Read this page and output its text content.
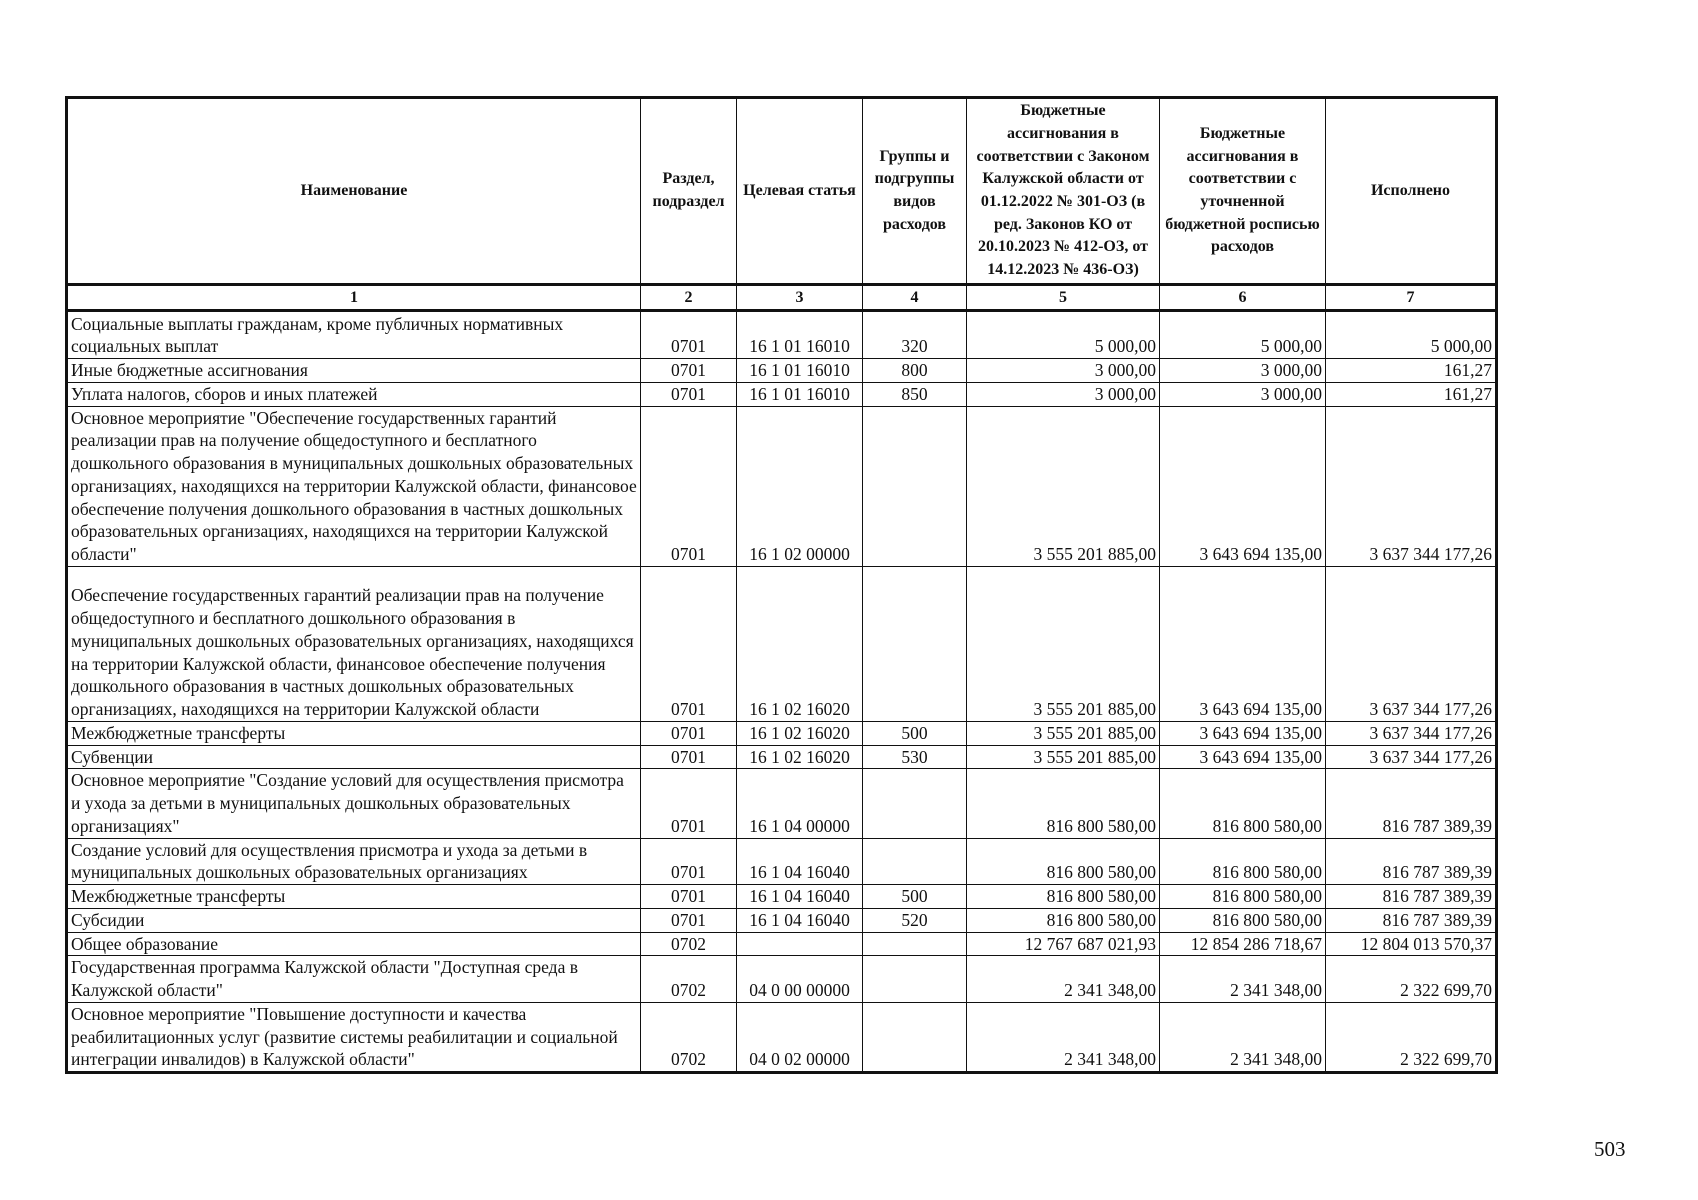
Наименование	Раздел, подраздел	Целевая статья	Группы и подгруппы видов расходов	Бюджетные ассигнования в соответствии с Законом Калужской области от 01.12.2022 № 301-ОЗ (в ред. Законов КО от 20.10.2023 № 412-ОЗ, от 14.12.2023 № 436-ОЗ)	Бюджетные ассигнования в соответствии с уточненной бюджетной росписью расходов	Исполнено
1	2	3	4	5	6	7
Социальные выплаты гражданам, кроме публичных нормативных социальных выплат	0701	16 1 01 16010	320	5 000,00	5 000,00	5 000,00
Иные бюджетные ассигнования	0701	16 1 01 16010	800	3 000,00	3 000,00	161,27
Уплата налогов, сборов и иных платежей	0701	16 1 01 16010	850	3 000,00	3 000,00	161,27
Основное мероприятие "Обеспечение государственных гарантий реализации прав на получение общедоступного и бесплатного дошкольного образования в муниципальных дошкольных образовательных организациях, находящихся на территории Калужской области, финансовое обеспечение получения дошкольного образования в частных дошкольных образовательных организациях, находящихся на территории Калужской области"	0701	16 1 02 00000		3 555 201 885,00	3 643 694 135,00	3 637 344 177,26
Обеспечение государственных гарантий реализации прав на получение общедоступного и бесплатного дошкольного образования в муниципальных дошкольных образовательных организациях, находящихся на территории Калужской области, финансовое обеспечение получения дошкольного образования в частных дошкольных образовательных организациях, находящихся на территории Калужской области	0701	16 1 02 16020		3 555 201 885,00	3 643 694 135,00	3 637 344 177,26
Межбюджетные трансферты	0701	16 1 02 16020	500	3 555 201 885,00	3 643 694 135,00	3 637 344 177,26
Субвенции	0701	16 1 02 16020	530	3 555 201 885,00	3 643 694 135,00	3 637 344 177,26
Основное мероприятие "Создание условий для осуществления присмотра и ухода за детьми в муниципальных дошкольных образовательных организациях"	0701	16 1 04 00000		816 800 580,00	816 800 580,00	816 787 389,39
Создание условий для осуществления присмотра и ухода за детьми в муниципальных дошкольных образовательных организациях	0701	16 1 04 16040		816 800 580,00	816 800 580,00	816 787 389,39
Межбюджетные трансферты	0701	16 1 04 16040	500	816 800 580,00	816 800 580,00	816 787 389,39
Субсидии	0701	16 1 04 16040	520	816 800 580,00	816 800 580,00	816 787 389,39
Общее образование	0702			12 767 687 021,93	12 854 286 718,67	12 804 013 570,37
Государственная программа Калужской области "Доступная среда в Калужской области"	0702	04 0 00 00000		2 341 348,00	2 341 348,00	2 322 699,70
Основное мероприятие "Повышение доступности и качества реабилитационных услуг (развитие системы реабилитации и социальной интеграции инвалидов) в Калужской области"	0702	04 0 02 00000		2 341 348,00	2 341 348,00	2 322 699,70
503
